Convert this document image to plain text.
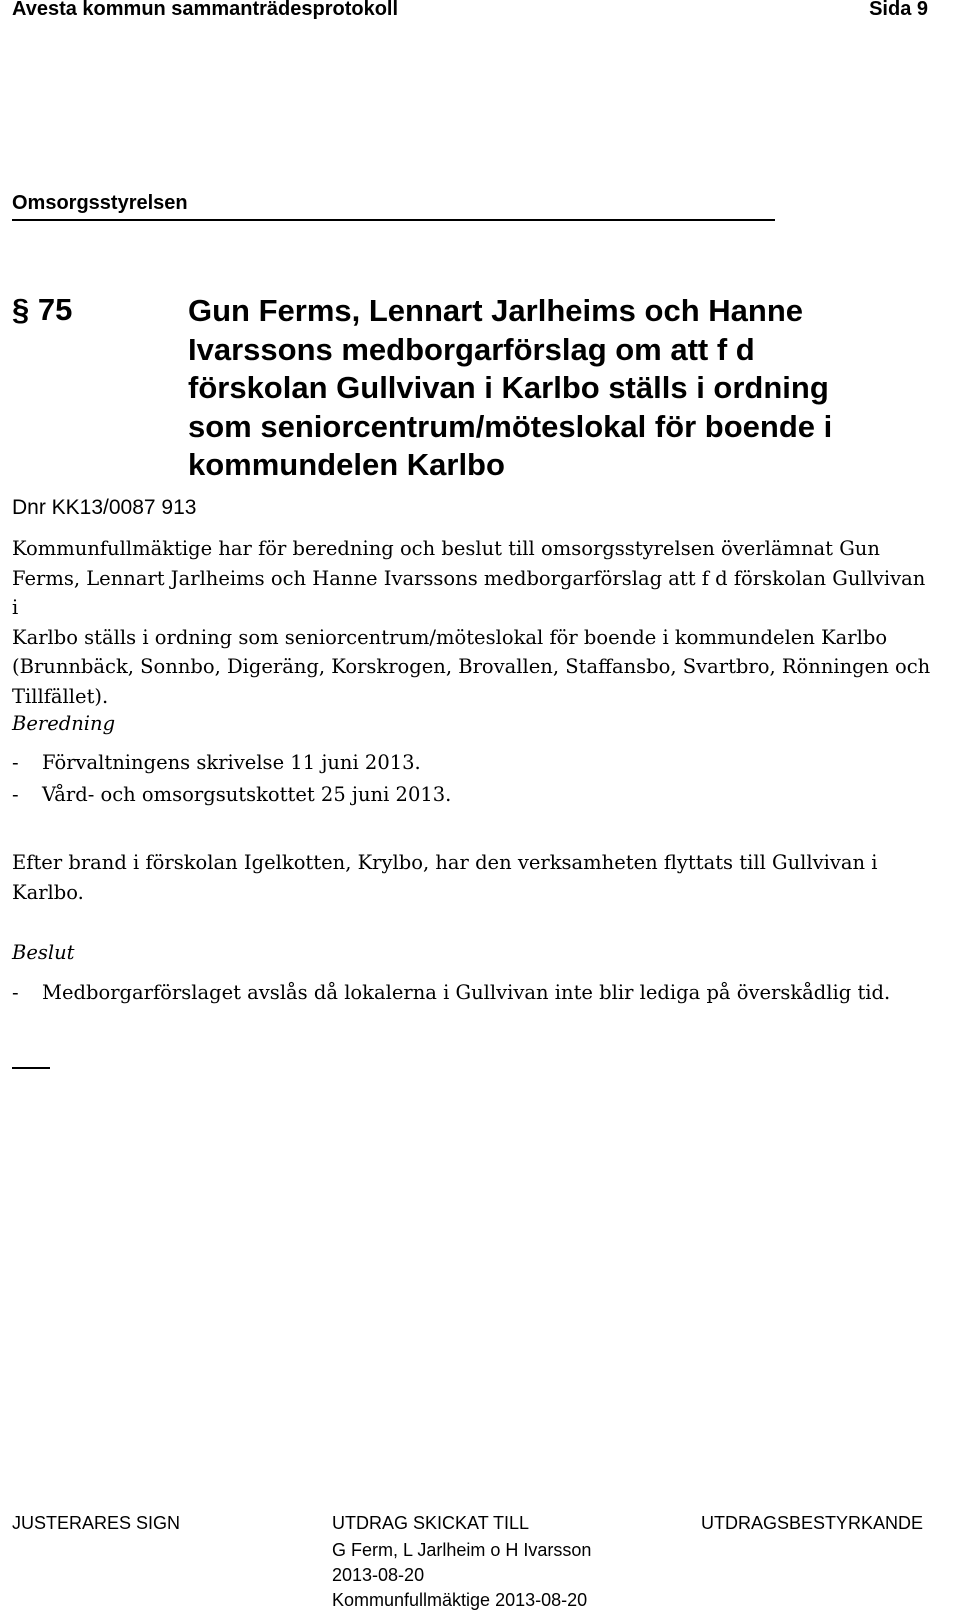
Avesta kommun sammanträdesprotokoll	Sida 9
Omsorgsstyrelsen
§ 75	Gun Ferms, Lennart Jarlheims och Hanne
Ivarssons medborgarförslag om att f d
förskolan Gullvivan i Karlbo ställs i ordning
som seniorcentrum/möteslokal för boende i
kommundelen Karlbo
Dnr KK13/0087 913
Kommunfullmäktige har för beredning och beslut till omsorgsstyrelsen överlämnat Gun
Ferms, Lennart Jarlheims och Hanne Ivarssons medborgarförslag att f d förskolan Gullvivan i
Karlbo ställs i ordning som seniorcentrum/möteslokal för boende i kommundelen Karlbo
(Brunnbäck, Sonnbo, Digeräng, Korskrogen, Brovallen, Staffansbo, Svartbro, Rönningen och
Tillfället).
Beredning
- Förvaltningens skrivelse 11 juni 2013.
- Vård- och omsorgsutskottet 25 juni 2013.
Efter brand i förskolan Igelkotten, Krylbo, har den verksamheten flyttats till Gullvivan i
Karlbo.
Beslut
- Medborgarförslaget avslås då lokalerna i Gullvivan inte blir lediga på överskådlig tid.
JUSTERARES SIGN	UTDRAG SKICKAT TILL
G Ferm, L Jarlheim o H Ivarsson
2013-08-20
Kommunfullmäktige 2013-08-20
UTDRAGSBESTYRKANDE
